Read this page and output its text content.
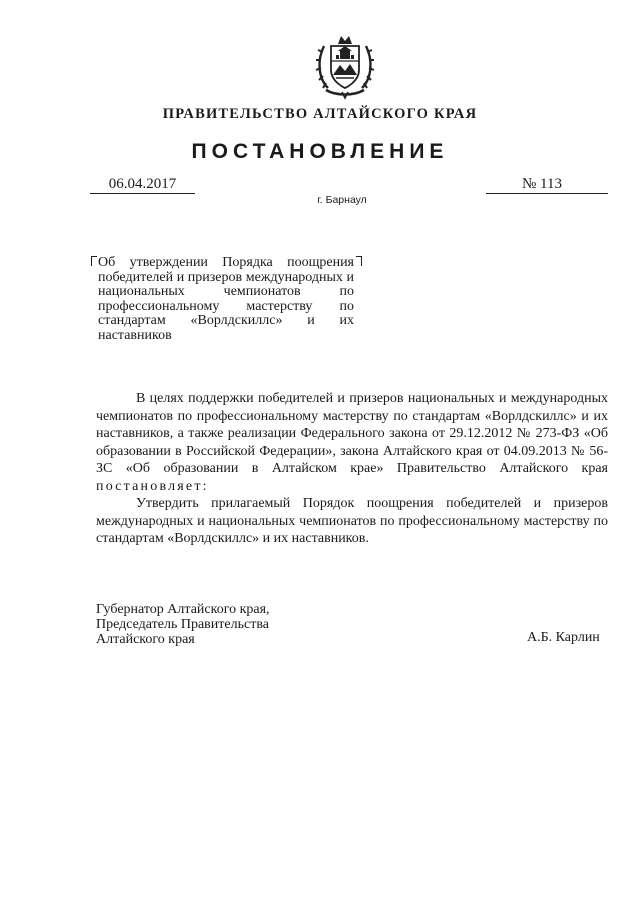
ПРАВИТЕЛЬСТВО АЛТАЙСКОГО КРАЯ
ПОСТАНОВЛЕНИЕ
06.04.2017	№ 113
г. Барнаул

Об утверждении Порядка поощрения победителей и призеров международных и национальных чемпионатов по профессиональному мастерству по стандартам «Ворлдскиллс» и их наставников

В целях поддержки победителей и призеров национальных и международных чемпионатов по профессиональному мастерству по стандартам «Ворлдскиллс» и их наставников, а также реализации Федерального закона от 29.12.2012 № 273-ФЗ «Об образовании в Российской Федерации», закона Алтайского края от 04.09.2013 № 56-ЗС «Об образовании в Алтайском крае» Правительство Алтайского края постановляет:

Утвердить прилагаемый Порядок поощрения победителей и призеров международных и национальных чемпионатов по профессиональному мастерству по стандартам «Ворлдскиллс» и их наставников.

Губернатор Алтайского края,
Председатель Правительства
Алтайского края	А.Б. Карлин
